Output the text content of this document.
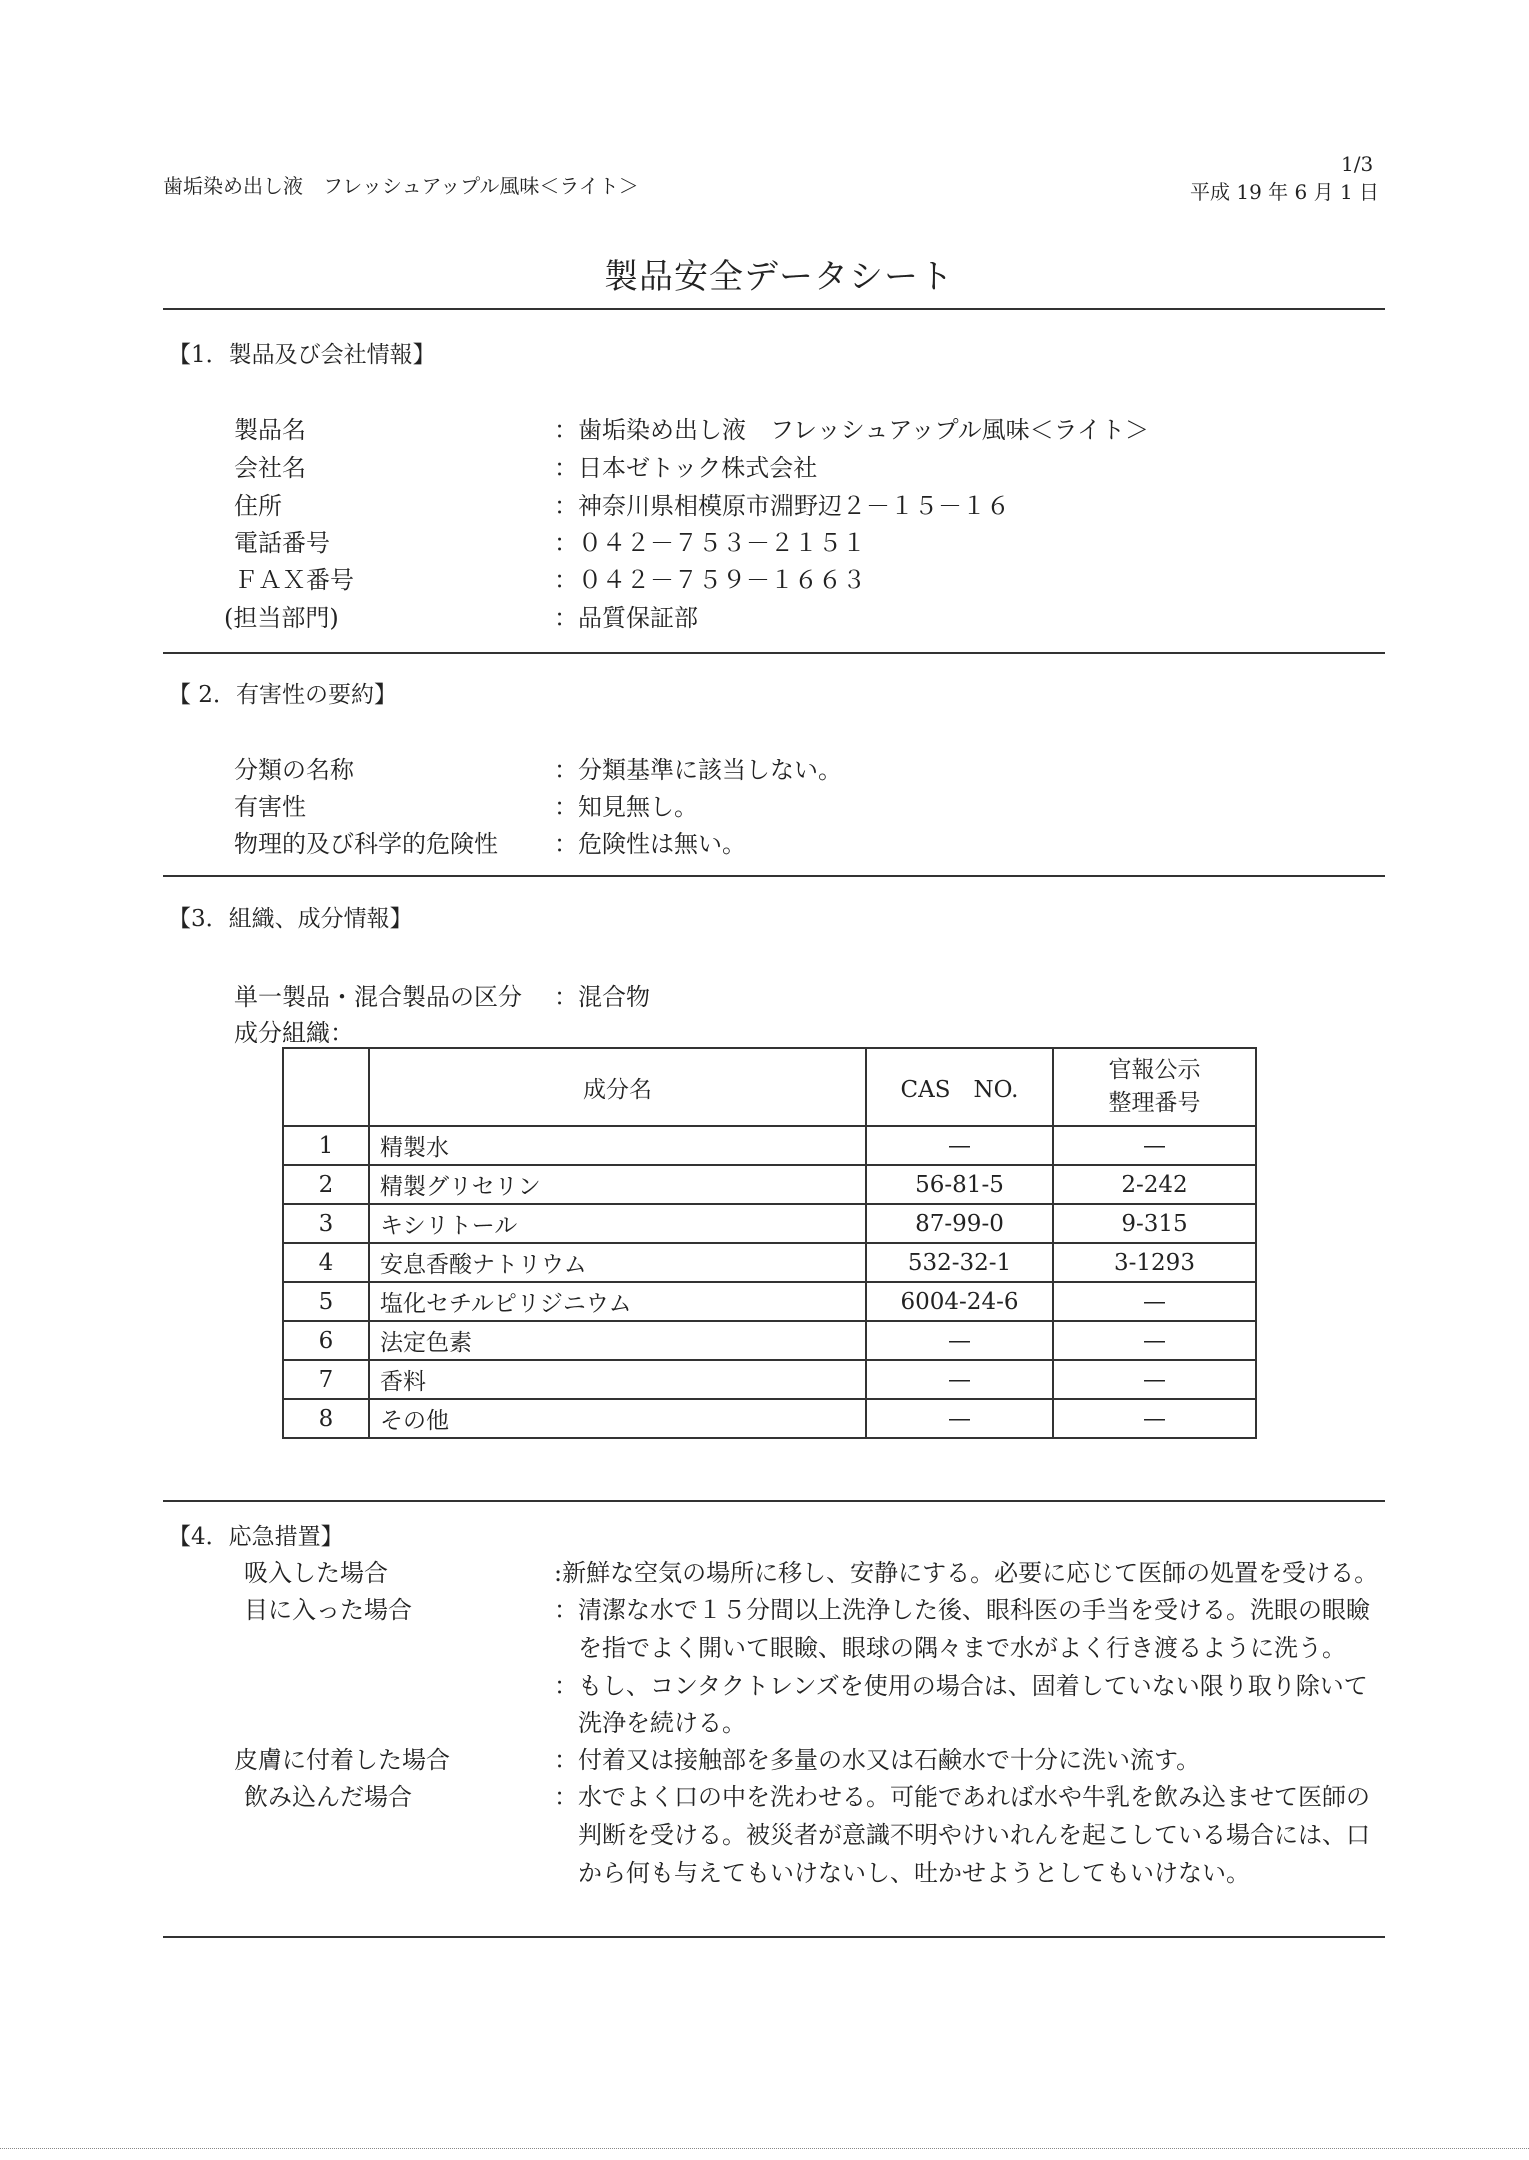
歯垢染め出し液　フレッシュアップル風味＜ライト＞
1/3
平成 19 年 6 月 1 日
製品安全データシート
【1．製品及び会社情報】
製品名	：歯垢染め出し液　フレッシュアップル風味＜ライト＞
会社名	：日本ゼトック株式会社
住所	：神奈川県相模原市淵野辺２－１５－１６
電話番号	：０４２－７５３－２１５１
ＦＡＸ番号	：０４２－７５９－１６６３
(担当部門)	：品質保証部
【 2．有害性の要約】
分類の名称	：分類基準に該当しない。
有害性	：知見無し。
物理的及び科学的危険性 ：危険性は無い。
【3．組織、成分情報】
単一製品・混合製品の区分 ：混合物
成分組織：
	成分名	CAS　NO.	官報公示
整理番号
1	精製水	—	—
2	精製グリセリン	56-81-5	2-242
3	キシリトール	87-99-0	9-315
4	安息香酸ナトリウム	532-32-1	3-1293
5	塩化セチルピリジニウム	6004-24-6	—
6	法定色素	—	—
7	香料	—	—
8	その他	—	—
【4．応急措置】
吸入した場合	:新鮮な空気の場所に移し、安静にする。必要に応じて医師の処置を受ける。
目に入った場合	：清潔な水で１５分間以上洗浄した後、眼科医の手当を受ける。洗眼の眼瞼
を指でよく開いて眼瞼、眼球の隅々まで水がよく行き渡るように洗う。
：もし、コンタクトレンズを使用の場合は、固着していない限り取り除いて
洗浄を続ける。
皮膚に付着した場合	：付着又は接触部を多量の水又は石鹸水で十分に洗い流す。
飲み込んだ場合	：水でよく口の中を洗わせる。可能であれば水や牛乳を飲み込ませて医師の
判断を受ける。被災者が意識不明やけいれんを起こしている場合には、口
から何も与えてもいけないし、吐かせようとしてもいけない。
